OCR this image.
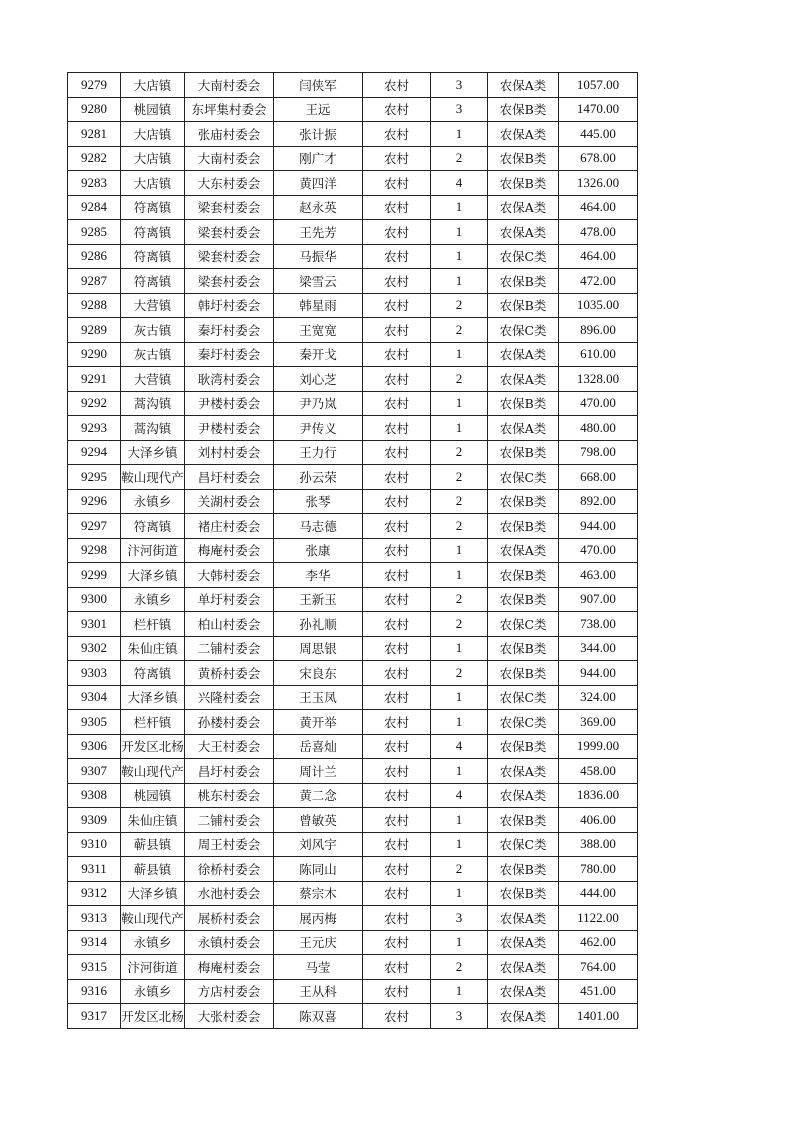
9279	大店镇	大南村委会	闫侠军	农村	3	农保A类	1057.00
9280	桃园镇	东坪集村委会	王远	农村	3	农保B类	1470.00
9281	大店镇	张庙村委会	张计振	农村	1	农保A类	445.00
9282	大店镇	大南村委会	刚广才	农村	2	农保B类	678.00
9283	大店镇	大东村委会	黄四洋	农村	4	农保B类	1326.00
9284	符离镇	梁套村委会	赵永英	农村	1	农保A类	464.00
9285	符离镇	梁套村委会	王先芳	农村	1	农保A类	478.00
9286	符离镇	梁套村委会	马振华	农村	1	农保C类	464.00
9287	符离镇	梁套村委会	梁雪云	农村	1	农保B类	472.00
9288	大营镇	韩圩村委会	韩星雨	农村	2	农保B类	1035.00
9289	灰古镇	秦圩村委会	王宽宽	农村	2	农保C类	896.00
9290	灰古镇	秦圩村委会	秦开戈	农村	1	农保A类	610.00
9291	大营镇	耿湾村委会	刘心芝	农村	2	农保A类	1328.00
9292	蒿沟镇	尹楼村委会	尹乃岚	农村	1	农保B类	470.00
9293	蒿沟镇	尹楼村委会	尹传义	农村	1	农保A类	480.00
9294	大泽乡镇	刘村村委会	王力行	农村	2	农保B类	798.00
9295	鞍山现代产	昌圩村委会	孙云荣	农村	2	农保C类	668.00
9296	永镇乡	关湖村委会	张琴	农村	2	农保B类	892.00
9297	符离镇	褚庄村委会	马志德	农村	2	农保B类	944.00
9298	汴河街道	梅庵村委会	张康	农村	1	农保A类	470.00
9299	大泽乡镇	大韩村委会	李华	农村	1	农保B类	463.00
9300	永镇乡	单圩村委会	王新玉	农村	2	农保B类	907.00
9301	栏杆镇	柏山村委会	孙礼顺	农村	2	农保C类	738.00
9302	朱仙庄镇	二铺村委会	周思银	农村	1	农保B类	344.00
9303	符离镇	黄桥村委会	宋良东	农村	2	农保B类	944.00
9304	大泽乡镇	兴隆村委会	王玉凤	农村	1	农保C类	324.00
9305	栏杆镇	孙楼村委会	黄开举	农村	1	农保C类	369.00
9306	开发区北杨	大王村委会	岳喜灿	农村	4	农保B类	1999.00
9307	鞍山现代产	昌圩村委会	周计兰	农村	1	农保A类	458.00
9308	桃园镇	桃东村委会	黄二念	农村	4	农保A类	1836.00
9309	朱仙庄镇	二铺村委会	曾敏英	农村	1	农保B类	406.00
9310	蕲县镇	周王村委会	刘风宇	农村	1	农保C类	388.00
9311	蕲县镇	徐桥村委会	陈同山	农村	2	农保B类	780.00
9312	大泽乡镇	水池村委会	蔡宗木	农村	1	农保B类	444.00
9313	鞍山现代产	展桥村委会	展丙梅	农村	3	农保A类	1122.00
9314	永镇乡	永镇村委会	王元庆	农村	1	农保A类	462.00
9315	汴河街道	梅庵村委会	马莹	农村	2	农保A类	764.00
9316	永镇乡	方店村委会	王从科	农村	1	农保A类	451.00
9317	开发区北杨	大张村委会	陈双喜	农村	3	农保A类	1401.00
